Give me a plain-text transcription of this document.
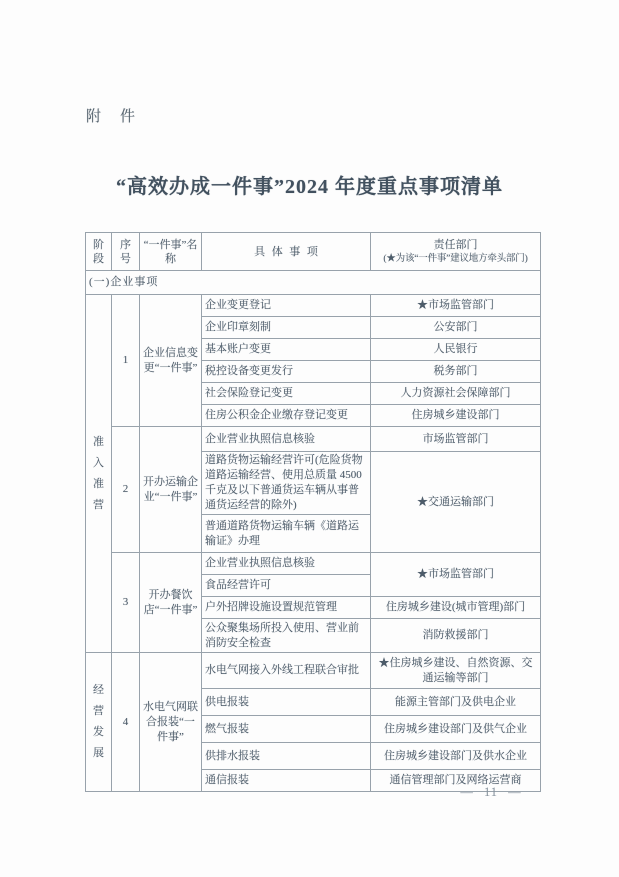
附　件
“高效办成一件事”2024 年度重点事项清单
阶段	序号	“一件事”名称	具体事项	责任部门
(★为该“一件事”建议地方牵头部门)

(一)企业事项				
准入准营	1	企业信息变更“一件事”	企业变更登记	★市场监管部门
			企业印章刻制	公安部门
			基本账户变更	人民银行
			税控设备变更发行	税务部门
			社会保险登记变更	人力资源社会保障部门
			住房公积金企业缴存登记变更	住房城乡建设部门
	2	开办运输企业“一件事”	企业营业执照信息核验	市场监管部门
			道路货物运输经营许可(危险货物道路运输经营、使用总质量 4500 千克及以下普通货运车辆从事普通货运经营的除外)	★交通运输部门
			普通道路货物运输车辆《道路运输证》办理	
	3	开办餐饮店“一件事”	企业营业执照信息核验	★市场监管部门
			食品经营许可	
			户外招牌设施设置规范管理	住房城乡建设(城市管理)部门
			公众聚集场所投入使用、营业前消防安全检查	消防救援部门
经营发展	4	水电气网联合报装“一件事”	水电气网接入外线工程联合审批	★住房城乡建设、自然资源、交通运输等部门
			供电报装	能源主管部门及供电企业
			燃气报装	住房城乡建设部门及供气企业
			供排水报装	住房城乡建设部门及供水企业
			通信报装	通信管理部门及网络运营商
— 11 —
